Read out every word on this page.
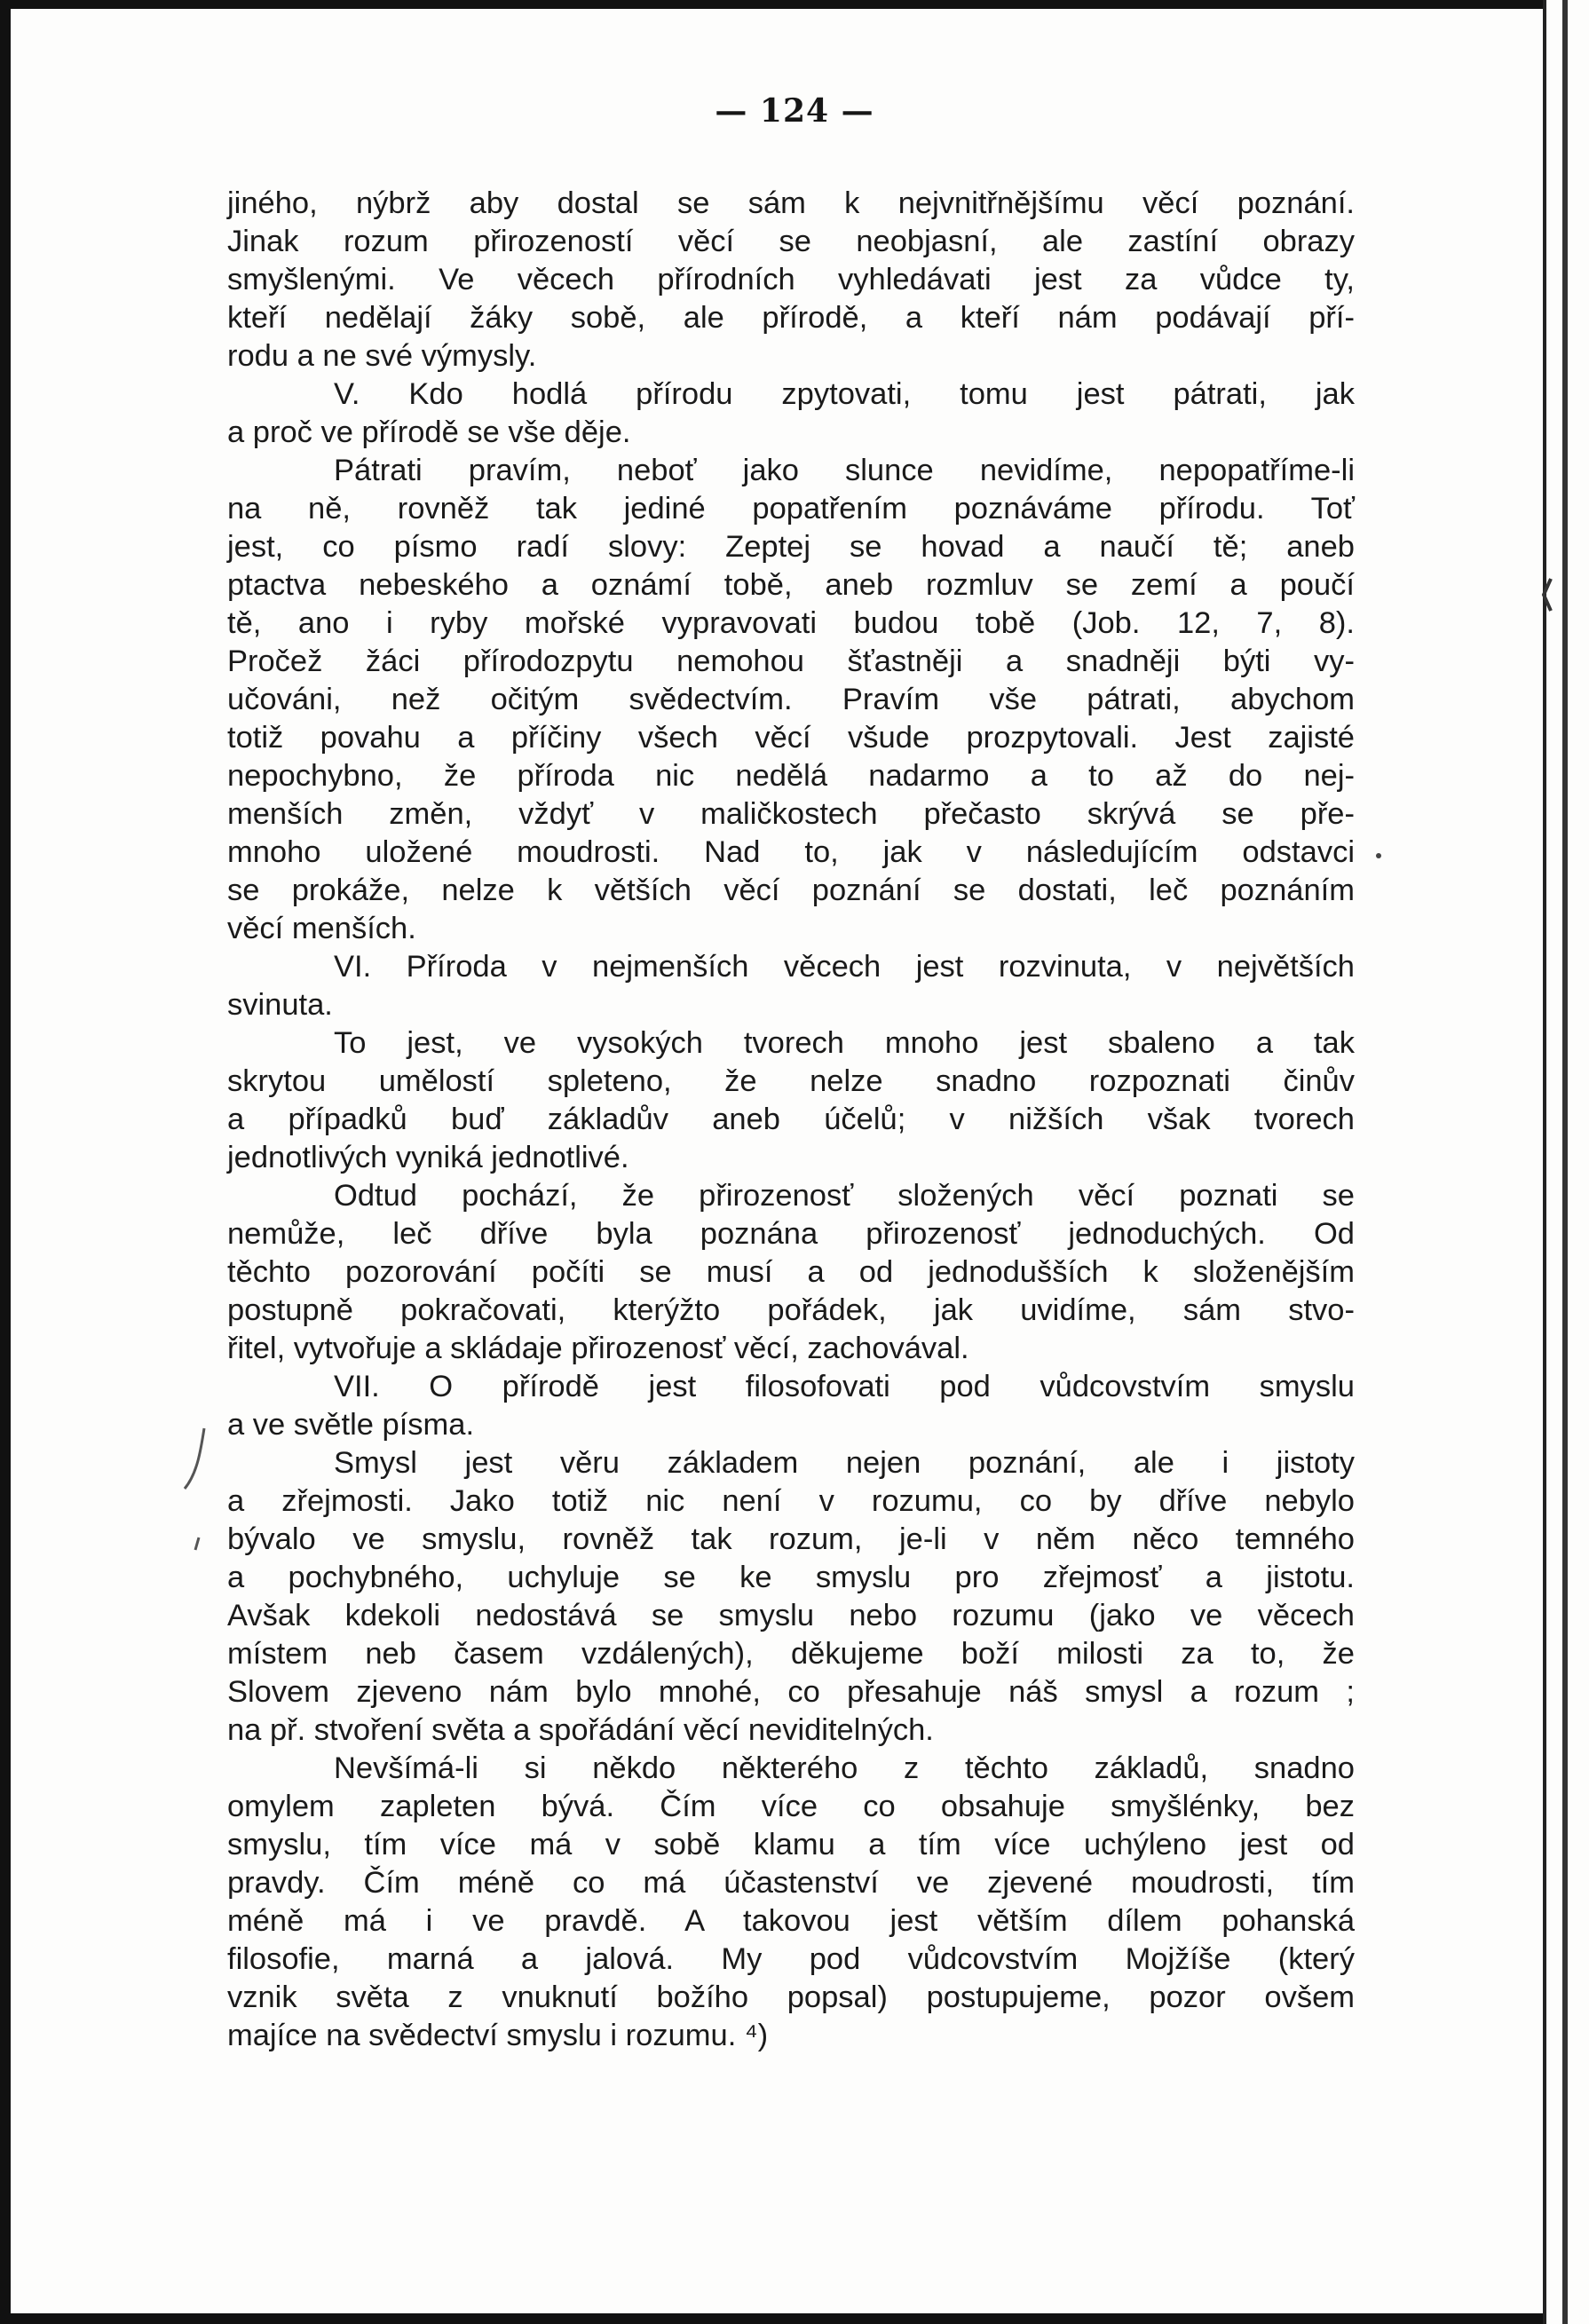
— 124 —
jiného, nýbrž aby dostal se sám k nejvnitřnějšímu věcí poznání.
Jinak rozum přirozeností věcí se neobjasní, ale zastíní obrazy
smyšlenými. Ve věcech přírodních vyhledávati jest za vůdce ty,
kteří nedělají žáky sobě, ale přírodě, a kteří nám podávají pří-
rodu a ne své výmysly.
V. Kdo hodlá přírodu zpytovati, tomu jest pátrati, jak
a proč ve přírodě se vše děje.
Pátrati pravím, neboť jako slunce nevidíme, nepopatříme-li
na ně, rovněž tak jediné popatřením poznáváme přírodu. Toť
jest, co písmo radí slovy: Zeptej se hovad a naučí tě; aneb
ptactva nebeského a oznámí tobě, aneb rozmluv se zemí a poučí
tě, ano i ryby mořské vypravovati budou tobě (Job. 12, 7, 8).
Pročež žáci přírodozpytu nemohou šťastněji a snadněji býti vy-
učováni, než očitým svědectvím. Pravím vše pátrati, abychom
totiž povahu a příčiny všech věcí všude prozpytovali. Jest zajisté
nepochybno, že příroda nic nedělá nadarmo a to až do nej-
menších změn, vždyť v maličkostech přečasto skrývá se pře-
mnoho uložené moudrosti. Nad to, jak v následujícím odstavci
se prokáže, nelze k větších věcí poznání se dostati, leč poznáním
věcí menších.
VI. Příroda v nejmenších věcech jest rozvinuta, v největších
svinuta.
To jest, ve vysokých tvorech mnoho jest sbaleno a tak
skrytou umělostí spleteno, že nelze snadno rozpoznati činův
a případků buď základův aneb účelů; v nižších však tvorech
jednotlivých vyniká jednotlivé.
Odtud pochází, že přirozenosť složených věcí poznati se
nemůže, leč dříve byla poznána přirozenosť jednoduchých. Od
těchto pozorování počíti se musí a od jednodušších k složenějším
postupně pokračovati, kterýžto pořádek, jak uvidíme, sám stvo-
řitel, vytvořuje a skládaje přirozenosť věcí, zachovával.
VII. O přírodě jest filosofovati pod vůdcovstvím smyslu
a ve světle písma.
Smysl jest věru základem nejen poznání, ale i jistoty
a zřejmosti. Jako totiž nic není v rozumu, co by dříve nebylo
bývalo ve smyslu, rovněž tak rozum, je-li v něm něco temného
a pochybného, uchyluje se ke smyslu pro zřejmosť a jistotu.
Avšak kdekoli nedostává se smyslu nebo rozumu (jako ve věcech
místem neb časem vzdálených), děkujeme boží milosti za to, že
Slovem zjeveno nám bylo mnohé, co přesahuje náš smysl a rozum ;
na př. stvoření světa a spořádání věcí neviditelných.
Nevšímá-li si někdo některého z těchto základů, snadno
omylem zapleten bývá. Čím více co obsahuje smyšlénky, bez
smyslu, tím více má v sobě klamu a tím více uchýleno jest od
pravdy. Čím méně co má účastenství ve zjevené moudrosti, tím
méně má i ve pravdě. A takovou jest větším dílem pohanská
filosofie, marná a jalová. My pod vůdcovstvím Mojžíše (který
vznik světa z vnuknutí božího popsal) postupujeme, pozor ovšem
majíce na svědectví smyslu i rozumu. ⁴)
